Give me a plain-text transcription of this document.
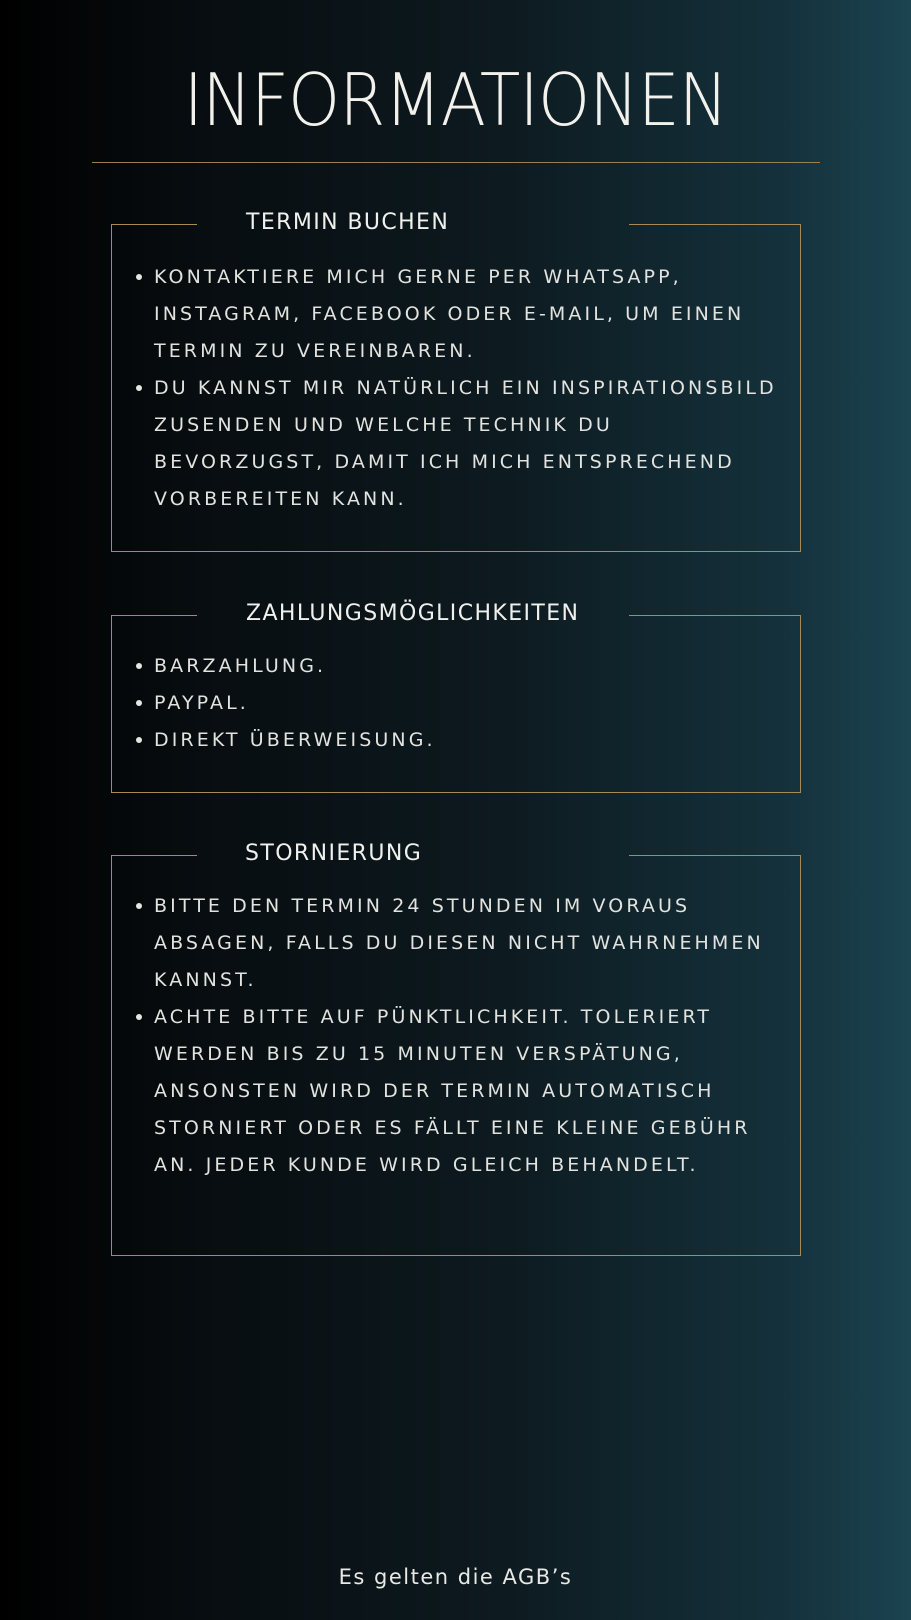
INFORMATIONEN
TERMIN BUCHEN
KONTAKTIERE MICH GERNE PER WHATSAPP, INSTAGRAM, FACEBOOK ODER E-MAIL, UM EINEN TERMIN ZU VEREINBAREN.
DU KANNST MIR NATÜRLICH EIN INSPIRATIONSBILD ZUSENDEN UND WELCHE TECHNIK DU BEVORZUGST, DAMIT ICH MICH ENTSPRECHEND VORBEREITEN KANN.
ZAHLUNGSMÖGLICHKEITEN
BARZAHLUNG.
PAYPAL.
DIREKT ÜBERWEISUNG.
STORNIERUNG
BITTE DEN TERMIN 24 STUNDEN IM VORAUS ABSAGEN, FALLS DU DIESEN NICHT WAHRNEHMEN KANNST.
ACHTE BITTE AUF PÜNKTLICHKEIT. TOLERIERT WERDEN BIS ZU 15 MINUTEN VERSPÄTUNG, ANSONSTEN WIRD DER TERMIN AUTOMATISCH STORNIERT ODER ES FÄLLT EINE KLEINE GEBÜHR AN. JEDER KUNDE WIRD GLEICH BEHANDELT.
Es gelten die AGB’s
